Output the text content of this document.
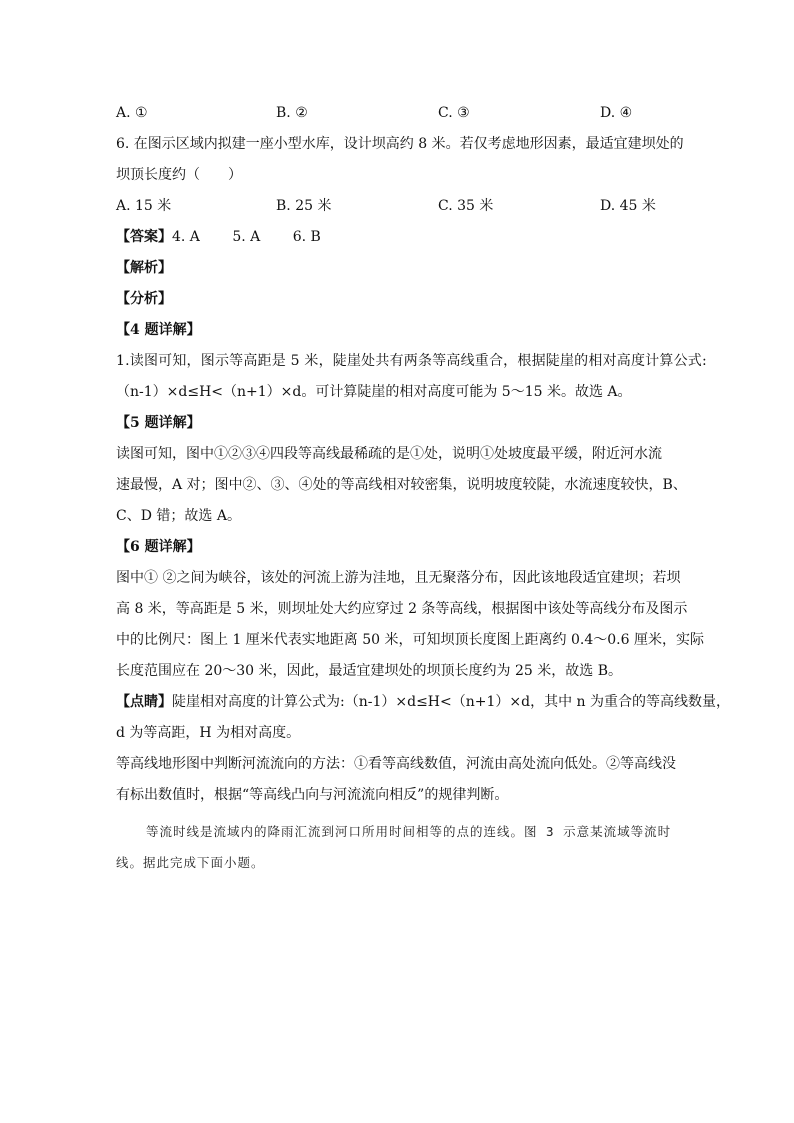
A. ①	B. ②	C. ③	D. ④
6. 在图示区域内拟建一座小型水库，设计坝高约 8 米。若仅考虑地形因素，最适宜建坝处的
坝顶长度约（　　）
A. 15 米	B. 25 米	C. 35 米	D. 45 米
【答案】4. A　　 5. A　　 6. B
【解析】
【分析】
【4 题详解】
1.读图可知，图示等高距是 5 米，陡崖处共有两条等高线重合，根据陡崖的相对高度计算公式:
（n-1）×d≤H<（n+1）×d。可计算陡崖的相对高度可能为 5～15 米。故选 A。
【5 题详解】
读图可知，图中①②③④四段等高线最稀疏的是①处，说明①处坡度最平缓，附近河水流
速最慢，A 对；图中②、③、④处的等高线相对较密集，说明坡度较陡，水流速度较快，B、
C、D 错；故选 A。
【6 题详解】
图中① ②之间为峡谷，该处的河流上游为洼地，且无聚落分布，因此该地段适宜建坝；若坝
高 8 米，等高距是 5 米，则坝址处大约应穿过 2 条等高线，根据图中该处等高线分布及图示
中的比例尺：图上 1 厘米代表实地距离 50 米，可知坝顶长度图上距离约 0.4～0.6 厘米，实际
长度范围应在 20～30 米，因此，最适宜建坝处的坝顶长度约为 25 米，故选 B。
【点睛】陡崖相对高度的计算公式为:（n-1）×d≤H<（n+1）×d，其中 n 为重合的等高线数量，
d 为等高距，H 为相对高度。
等高线地形图中判断河流流向的方法：①看等高线数值，河流由高处流向低处。②等高线没
有标出数值时，根据“等高线凸向与河流流向相反”的规律判断。
等流时线是流域内的降雨汇流到河口所用时间相等的点的连线。图 3 示意某流域等流时
线。据此完成下面小题。
